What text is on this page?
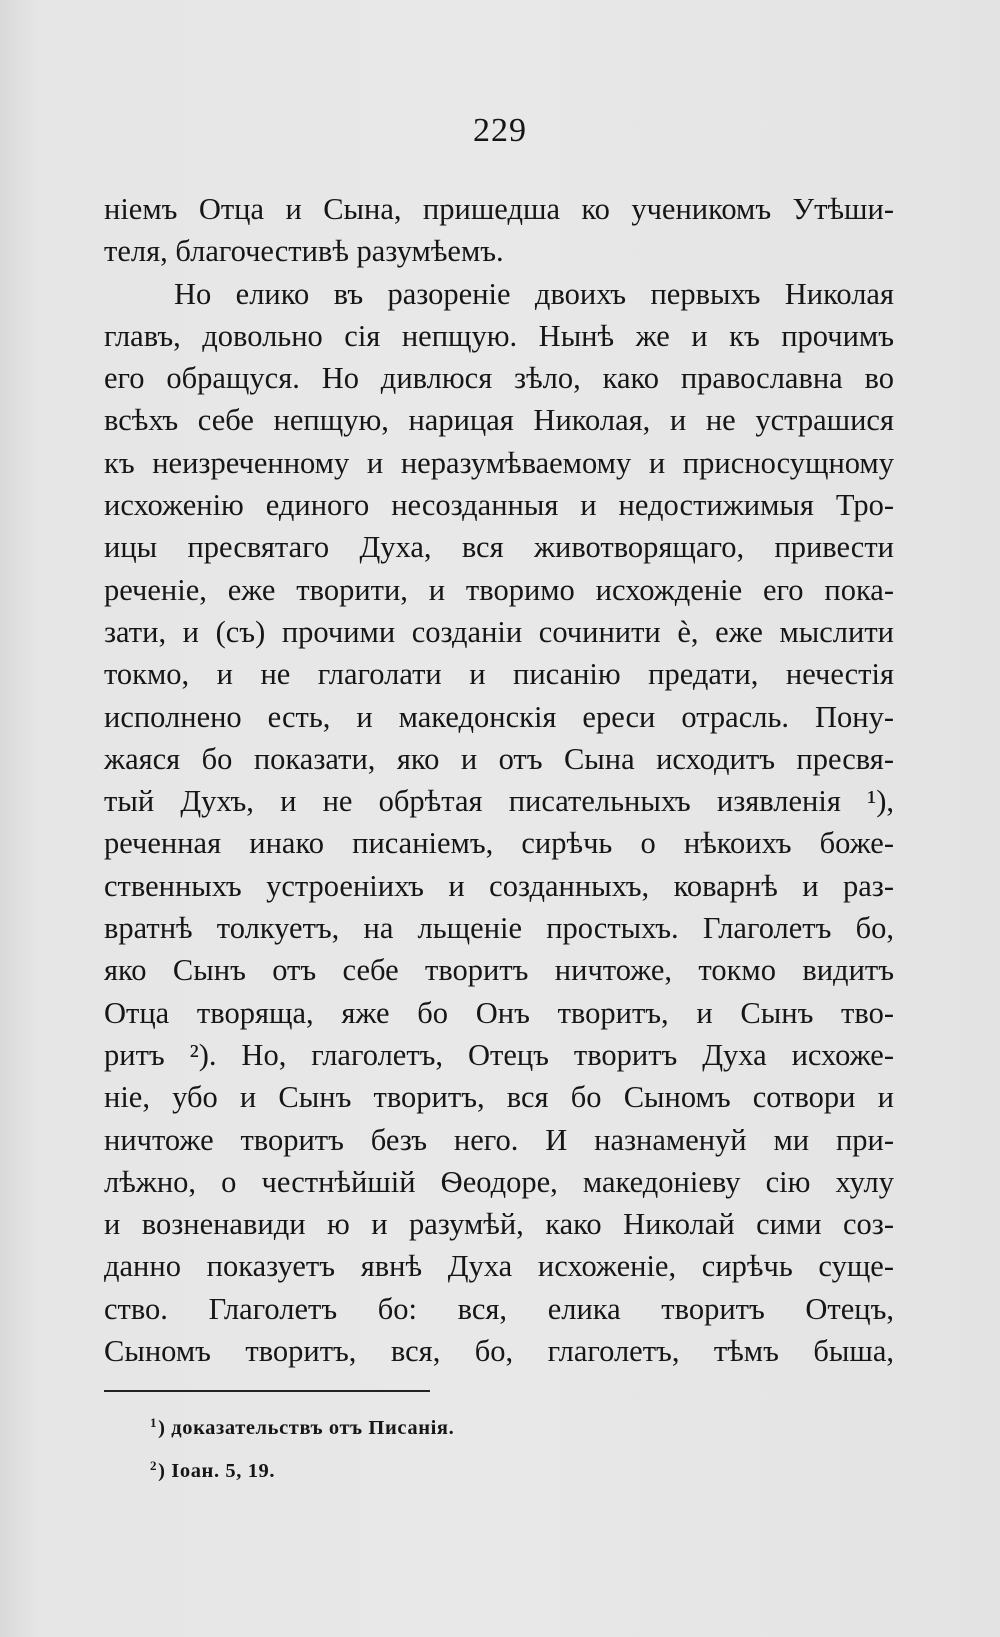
229
ніемъ Отца и Сына, пришедша ко ученикомъ Утѣши-
теля, благочестивѣ разумѣемъ.
Но елико въ разореніе двоихъ первыхъ Николая
главъ, довольно сія непщую. Нынѣ же и къ прочимъ
его обращуся. Но дивлюся зѣло, како православна во
всѣхъ себе непщую, нарицая Николая, и не устрашися
къ неизреченному и неразумѣваемому и присносущному
исхоженію единого несозданныя и недостижимыя Тро-
ицы пресвятаго Духа, вся животворящаго, привести
реченіе, еже творити, и творимо исхожденіе его пока-
зати, и (съ) прочими созданіи сочинити ѐ, еже мыслити
токмо, и не глаголати и писанію предати, нечестія
исполнено есть, и македонскія ереси отрасль. Пону-
жаяся бо показати, яко и отъ Сына исходитъ пресвя-
тый Духъ, и не обрѣтая писательныхъ изявленія ¹),
реченная инако писаніемъ, сирѣчь о нѣкоихъ боже-
ственныхъ устроеніихъ и созданныхъ, коварнѣ и раз-
вратнѣ толкуетъ, на льщеніе простыхъ. Глаголетъ бо,
яко Сынъ отъ себе творитъ ничтоже, токмо видитъ
Отца творяща, яже бо Онъ творитъ, и Сынъ тво-
ритъ ²). Но, глаголетъ, Отецъ творитъ Духа исхоже-
ніе, убо и Сынъ творитъ, вся бо Сыномъ сотвори и
ничтоже творитъ безъ него. И назнаменуй ми при-
лѣжно, о честнѣйшій Ѳеодоре, македоніеву сію хулу
и возненавиди ю и разумѣй, како Николай сими соз-
данно показуетъ явнѣ Духа исхоженіе, сирѣчь суще-
ство. Глаголетъ бо: вся, елика творитъ Отецъ,
Сыномъ творитъ, вся, бо, глаголетъ, тѣмъ быша,
$^1$) доказательствъ отъ Писанія.
$^2$) Іоан. 5, 19.
